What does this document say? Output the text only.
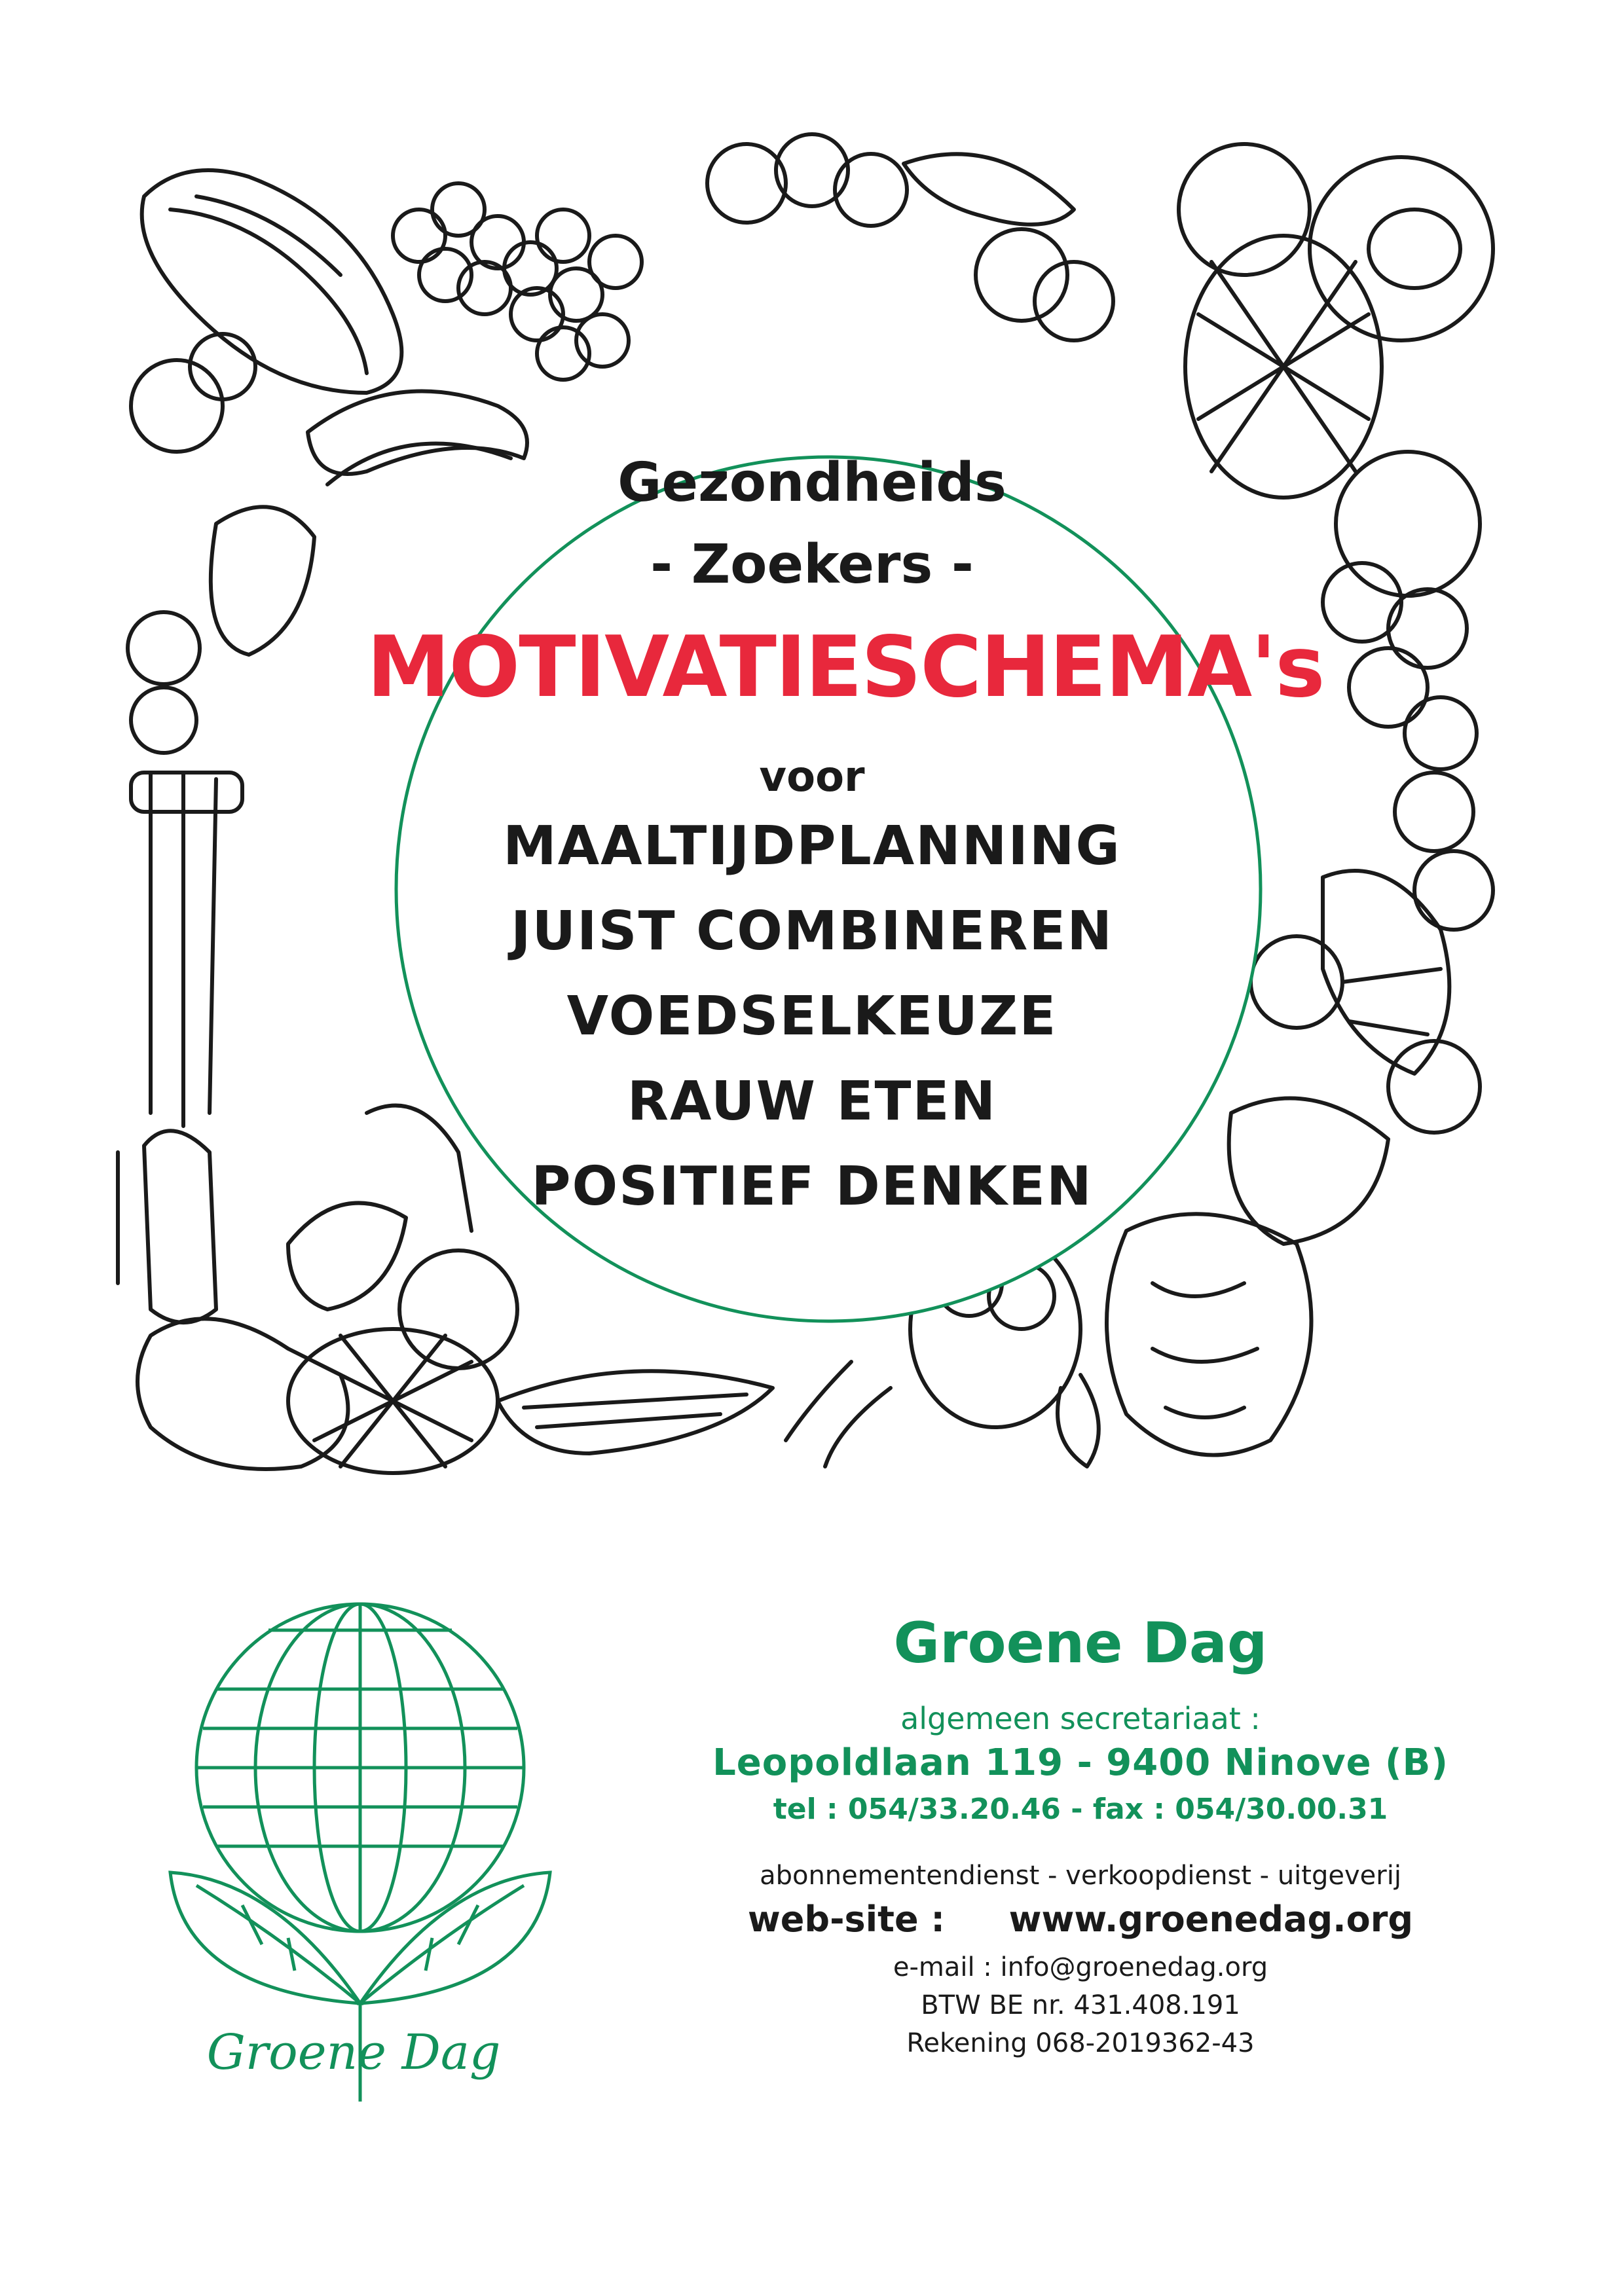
Gezondheids
- Zoekers -
MOTIVATIESCHEMA's
voor
MAALTIJDPLANNING
JUIST COMBINEREN
VOEDSELKEUZE
RAUW ETEN
POSITIEF DENKEN
Groene Dag
Groene Dag
algemeen secretariaat :
Leopoldlaan 119 - 9400 Ninove (B)
tel : 054/33.20.46 - fax : 054/30.00.31
abonnementendienst - verkoopdienst - uitgeverij
web-site : www.groenedag.org
e-mail : info@groenedag.org
BTW BE nr. 431.408.191
Rekening 068-2019362-43
